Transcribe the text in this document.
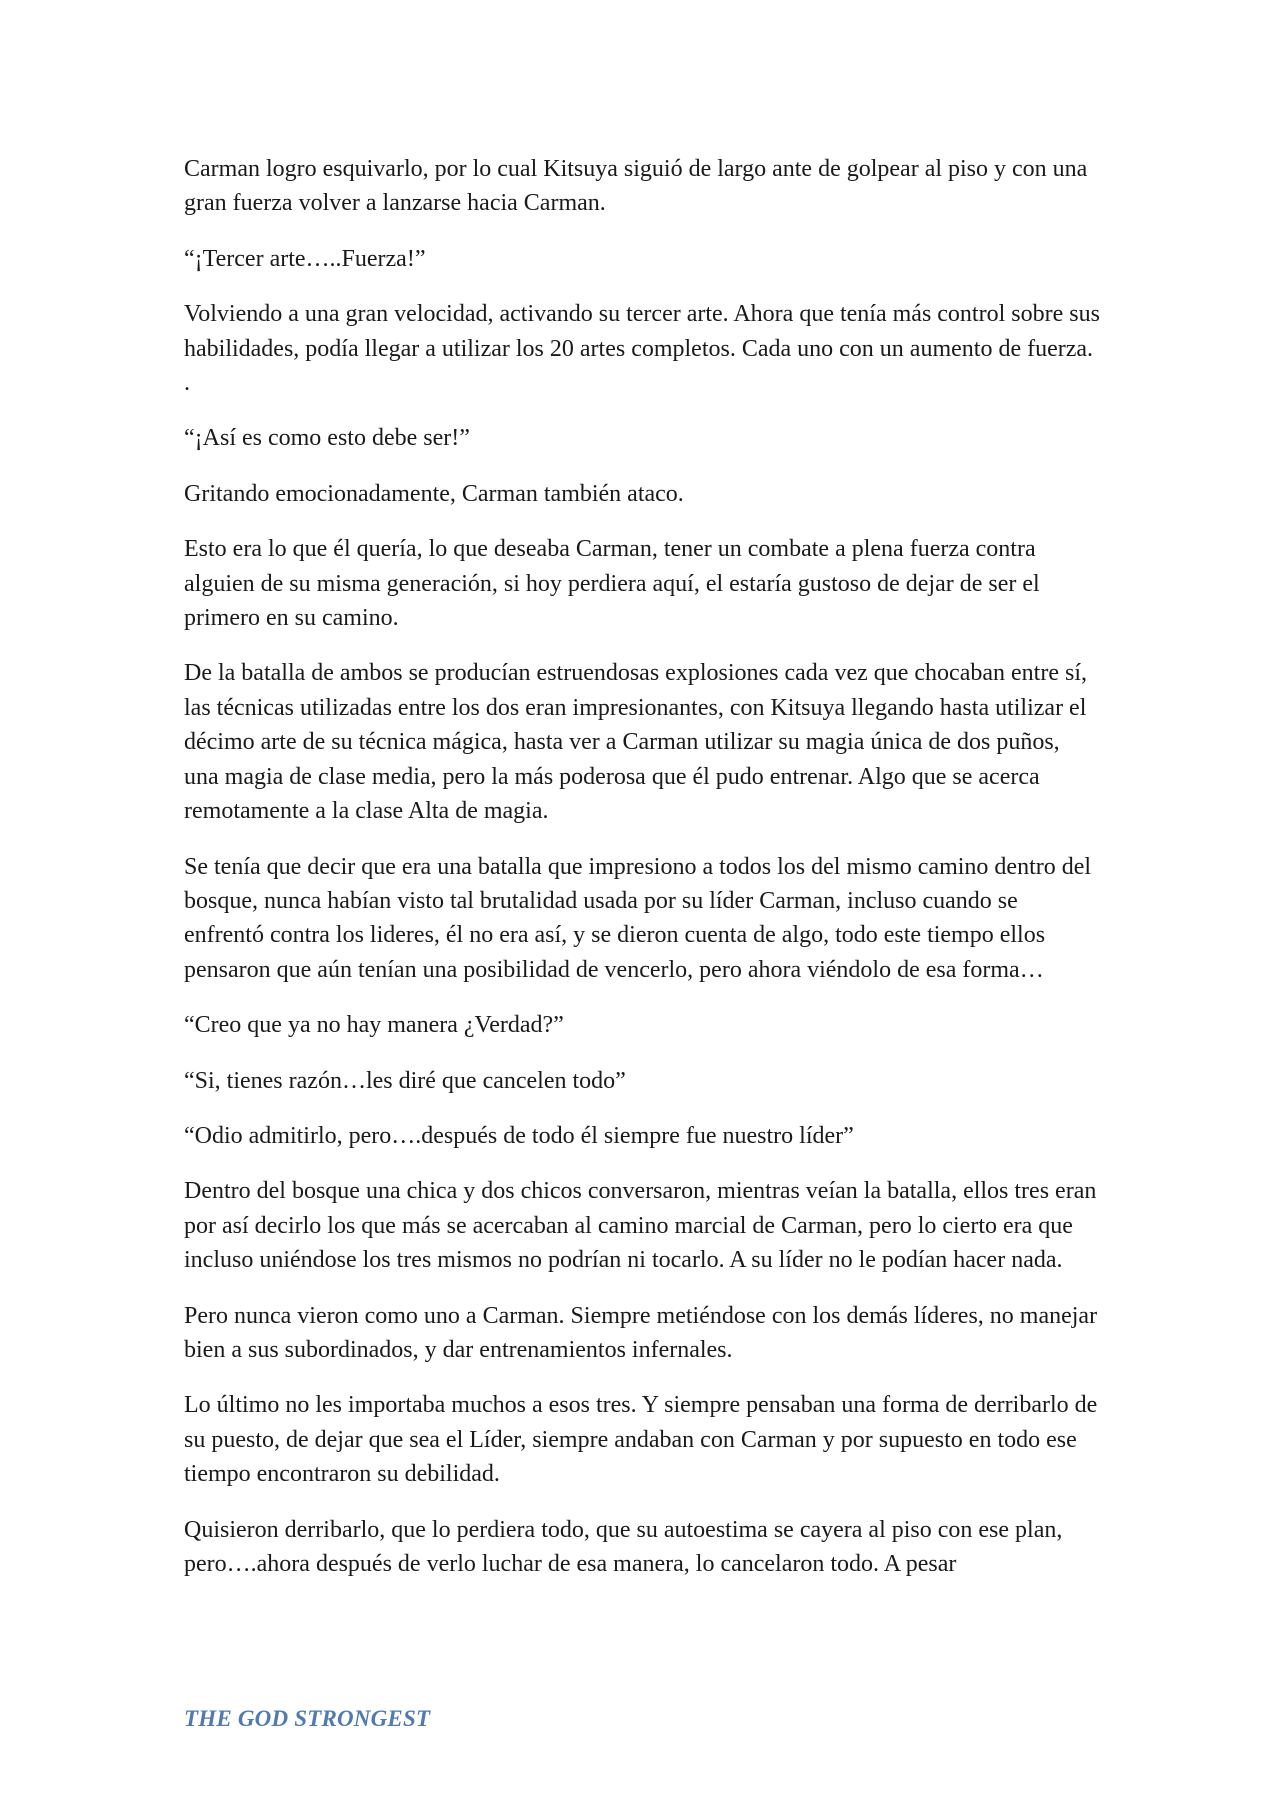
Carman logro esquivarlo, por lo cual Kitsuya siguió de largo ante de golpear al piso y con una gran fuerza volver a lanzarse hacia Carman.

“¡Tercer arte…..Fuerza!”

Volviendo a una gran velocidad, activando su tercer arte. Ahora que tenía más control sobre sus habilidades, podía llegar a utilizar los 20 artes completos. Cada uno con un aumento de fuerza. .

“¡Así es como esto debe ser!”

Gritando emocionadamente, Carman también ataco.

Esto era lo que él quería, lo que deseaba Carman, tener un combate a plena fuerza contra alguien de su misma generación, si hoy perdiera aquí, el estaría gustoso de dejar de ser el primero en su camino.

De la batalla de ambos se producían estruendosas explosiones cada vez que chocaban entre sí, las técnicas utilizadas entre los dos eran impresionantes, con Kitsuya llegando hasta utilizar el décimo arte de su técnica mágica, hasta ver a Carman utilizar su magia única de dos puños, una magia de clase media, pero la más poderosa que él pudo entrenar. Algo que se acerca remotamente a la clase Alta de magia.

Se tenía que decir que era una batalla que impresiono a todos los del mismo camino dentro del bosque, nunca habían visto tal brutalidad usada por su líder Carman, incluso cuando se enfrentó contra los lideres, él no era así, y se dieron cuenta de algo, todo este tiempo ellos pensaron que aún tenían una posibilidad de vencerlo, pero ahora viéndolo de esa forma…

“Creo que ya no hay manera ¿Verdad?”

“Si, tienes razón…les diré que cancelen todo”

“Odio admitirlo, pero….después de todo él siempre fue nuestro líder”

Dentro del bosque una chica y dos chicos conversaron, mientras veían la batalla, ellos tres eran por así decirlo los que más se acercaban al camino marcial de Carman, pero lo cierto era que incluso uniéndose los tres mismos no podrían ni tocarlo. A su líder no le podían hacer nada.

Pero nunca vieron como uno a Carman. Siempre metiéndose con los demás líderes, no manejar bien a sus subordinados, y dar entrenamientos infernales.

Lo último no les importaba muchos a esos tres. Y siempre pensaban una forma de derribarlo de su puesto, de dejar que sea el Líder, siempre andaban con Carman y por supuesto en todo ese tiempo encontraron su debilidad.

Quisieron derribarlo, que lo perdiera todo, que su autoestima se cayera al piso con ese plan, pero….ahora después de verlo luchar de esa manera, lo cancelaron todo. A pesar

THE GOD STRONGEST
